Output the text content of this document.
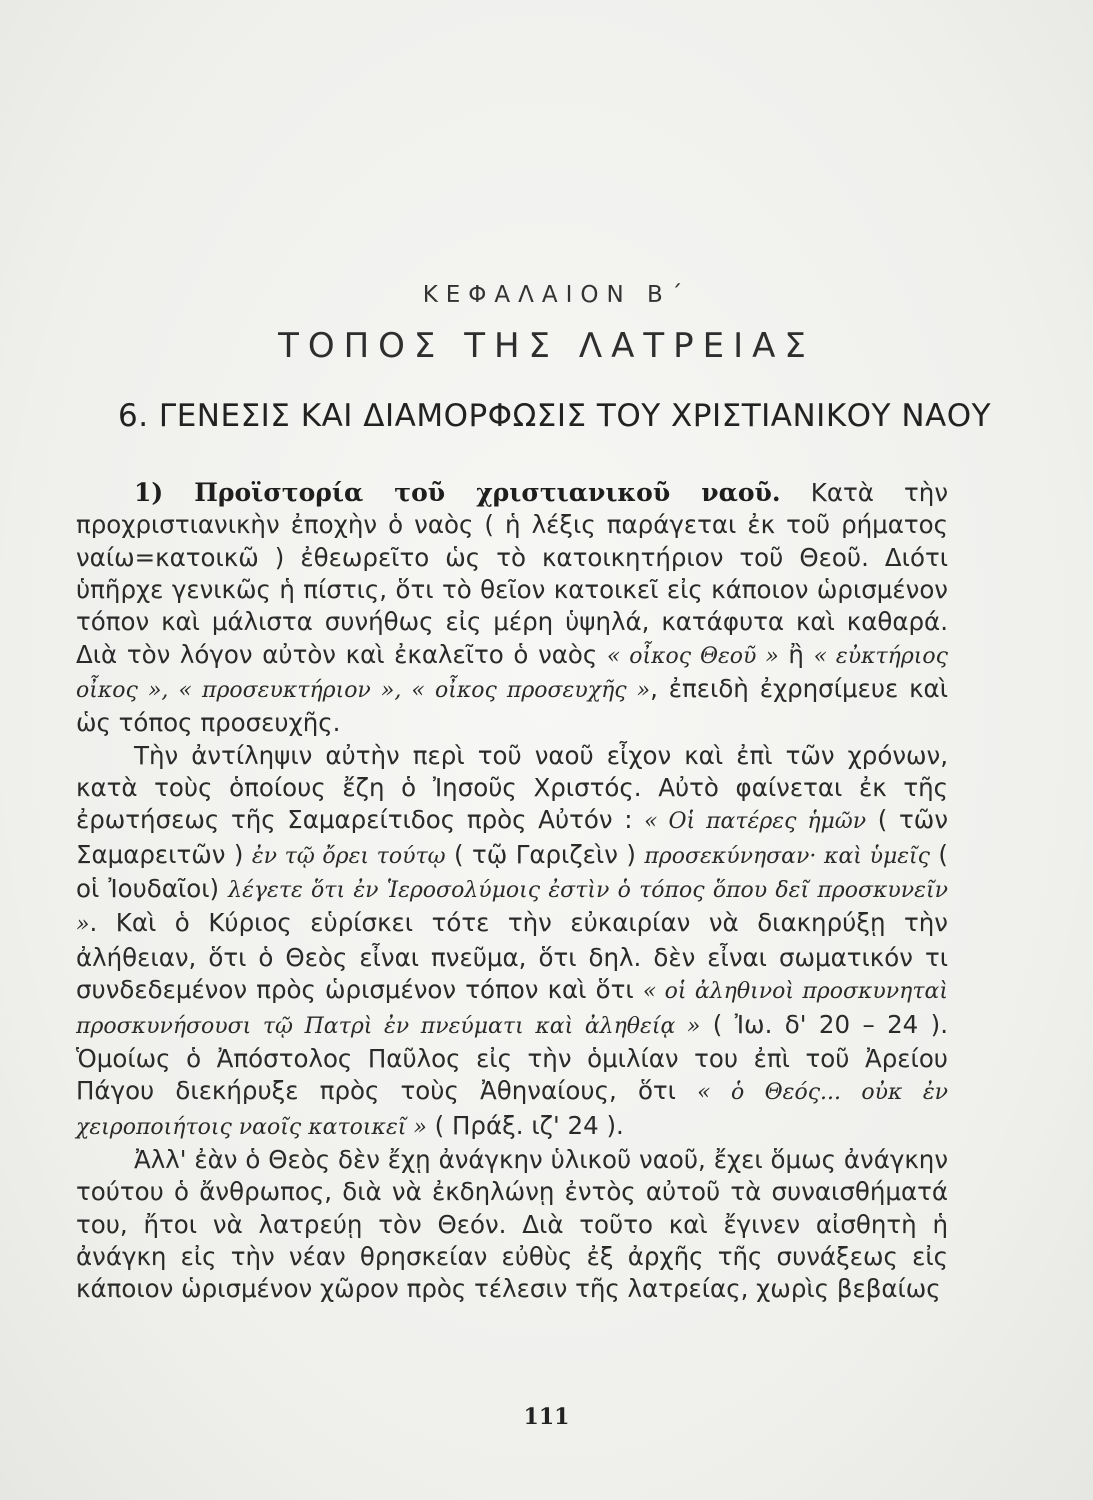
ΚΕΦΑΛΑΙΟΝ Β΄
ΤΟΠΟΣ ΤΗΣ ΛΑΤΡΕΙΑΣ
6. ΓΕΝΕΣΙΣ ΚΑΙ ΔΙΑΜΟΡΦΩΣΙΣ ΤΟΥ ΧΡΙΣΤΙΑΝΙΚΟΥ ΝΑΟΥ

1) Προϊστορία τοῦ χριστιανικοῦ ναοῦ. Κατὰ τὴν προχριστιανικὴν ἐποχὴν ὁ ναὸς ( ἡ λέξις παράγεται ἐκ τοῦ ρήματος ναίω=κατοικῶ ) ἐθεωρεῖτο ὡς τὸ κατοικητήριον τοῦ Θεοῦ. Διότι ὑπῆρχε γενικῶς ἡ πίστις, ὅτι τὸ θεῖον κατοικεῖ εἰς κάποιον ὡρισμένον τόπον καὶ μάλιστα συνήθως εἰς μέρη ὑψηλά, κατάφυτα καὶ καθαρά. Διὰ τὸν λόγον αὐτὸν καὶ ἐκαλεῖτο ὁ ναὸς « οἶκος Θεοῦ » ἢ « εὐκτήριος οἶκος », « προσευκτήριον », « οἶκος προσευχῆς », ἐπειδὴ ἐχρησίμευε καὶ ὡς τόπος προσευχῆς.

Τὴν ἀντίληψιν αὐτὴν περὶ τοῦ ναοῦ εἶχον καὶ ἐπὶ τῶν χρόνων, κατὰ τοὺς ὁποίους ἔζη ὁ Ἰησοῦς Χριστός. Αὐτὸ φαίνεται ἐκ τῆς ἐρωτήσεως τῆς Σαμαρείτιδος πρὸς Αὐτόν : « Οἱ πατέρες ἡμῶν ( τῶν Σαμαρειτῶν ) ἐν τῷ ὄρει τούτῳ ( τῷ Γαριζεὶν ) προσεκύνησαν· καὶ ὑμεῖς ( οἱ Ἰουδαῖοι) λέγετε ὅτι ἐν Ἱεροσολύμοις ἐστὶν ὁ τόπος ὅπου δεῖ προσκυνεῖν ». Καὶ ὁ Κύριος εὑρίσκει τότε τὴν εὐκαιρίαν νὰ διακηρύξῃ τὴν ἀλήθειαν, ὅτι ὁ Θεὸς εἶναι πνεῦμα, ὅτι δηλ. δὲν εἶναι σωματικόν τι συνδεδεμένον πρὸς ὡρισμένον τόπον καὶ ὅτι « οἱ ἀληθινοὶ προσκυνηταὶ προσκυνήσουσι τῷ Πατρὶ ἐν πνεύματι καὶ ἀληθείᾳ » ( Ἰω. δ' 20 – 24 ). Ὁμοίως ὁ Ἀπόστολος Παῦλος εἰς τὴν ὁμιλίαν του ἐπὶ τοῦ Ἀρείου Πάγου διεκήρυξε πρὸς τοὺς Ἀθηναίους, ὅτι « ὁ Θεός... οὐκ ἐν χειροποιήτοις ναοῖς κατοικεῖ » ( Πράξ. ιζ' 24 ).

Ἀλλ' ἐὰν ὁ Θεὸς δὲν ἔχῃ ἀνάγκην ὑλικοῦ ναοῦ, ἔχει ὅμως ἀνάγκην τούτου ὁ ἄνθρωπος, διὰ νὰ ἐκδηλώνῃ ἐντὸς αὐτοῦ τὰ συναισθήματά του, ἤτοι νὰ λατρεύῃ τὸν Θεόν. Διὰ τοῦτο καὶ ἔγινεν αἰσθητὴ ἡ ἀνάγκη εἰς τὴν νέαν θρησκείαν εὐθὺς ἐξ ἀρχῆς τῆς συνάξεως εἰς κάποιον ὡρισμένον χῶρον πρὸς τέλεσιν τῆς λατρείας, χωρὶς βεβαίως

111
